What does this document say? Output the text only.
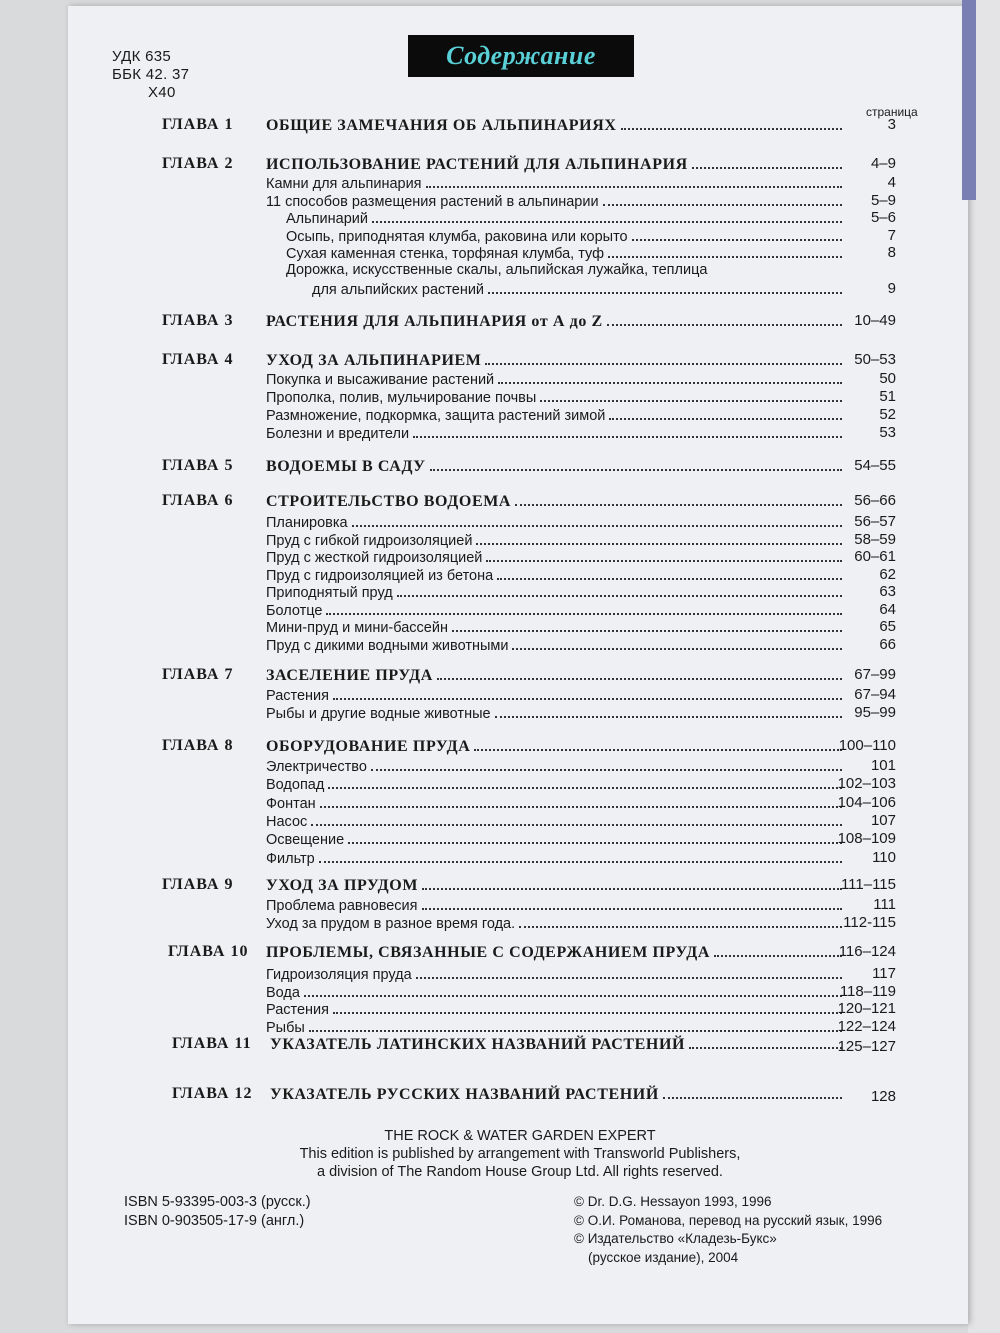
УДК 635
ББК 42. 37
Х40
Содержание
страница
ГЛАВА 1 ОБЩИЕ ЗАМЕЧАНИЯ ОБ АЛЬПИНАРИЯХ	3
ГЛАВА 2 ИСПОЛЬЗОВАНИЕ РАСТЕНИЙ ДЛЯ АЛЬПИНАРИЯ	4–9
Камни для альпинария	4
11 способов размещения растений в альпинарии	5–9
Альпинарий	5–6
Осыпь, приподнятая клумба, раковина или корыто	7
Сухая каменная стенка, торфяная клумба, туф	8
Дорожка, искусственные скалы, альпийская лужайка, теплица
для альпийских растений	9
ГЛАВА 3 РАСТЕНИЯ ДЛЯ АЛЬПИНАРИЯ от А до Z	10–49
ГЛАВА 4 УХОД ЗА АЛЬПИНАРИЕМ	50–53
Покупка и высаживание растений	50
Прополка, полив, мульчирование почвы	51
Размножение, подкормка, защита растений зимой	52
Болезни и вредители	53
ГЛАВА 5 ВОДОЕМЫ В САДУ	54–55
ГЛАВА 6 СТРОИТЕЛЬСТВО ВОДОЕМА	56–66
Планировка	56–57
Пруд с гибкой гидроизоляцией	58–59
Пруд с жесткой гидроизоляцией	60–61
Пруд с гидроизоляцией из бетона	62
Приподнятый пруд	63
Болотце	64
Мини-пруд и мини-бассейн	65
Пруд с дикими водными животными	66
ГЛАВА 7 ЗАСЕЛЕНИЕ ПРУДА	67–99
Растения	67–94
Рыбы и другие водные животные	95–99
ГЛАВА 8 ОБОРУДОВАНИЕ ПРУДА	100–110
Электричество	101
Водопад	102–103
Фонтан	104–106
Насос	107
Освещение	108–109
Фильтр	110
ГЛАВА 9 УХОД ЗА ПРУДОМ	111–115
Проблема равновесия	111
Уход за прудом в разное время года.	112-115
ГЛАВА 10 ПРОБЛЕМЫ, СВЯЗАННЫЕ С СОДЕРЖАНИЕМ ПРУДА	116–124
Гидроизоляция пруда	117
Вода	118–119
Растения	120–121
Рыбы	122–124
ГЛАВА 11 УКАЗАТЕЛЬ ЛАТИНСКИХ НАЗВАНИЙ РАСТЕНИЙ	125–127
ГЛАВА 12 УКАЗАТЕЛЬ РУССКИХ НАЗВАНИЙ РАСТЕНИЙ	128
THE ROCK & WATER GARDEN EXPERT
This edition is published by arrangement with Transworld Publishers,
a division of The Random House Group Ltd. All rights reserved.
ISBN 5-93395-003-3 (русск.)
ISBN 0-903505-17-9 (англ.)
© Dr. D.G. Hessayon 1993, 1996
© О.И. Романова, перевод на русский язык, 1996
© Издательство «Кладезь-Букс»
(русское издание), 2004
